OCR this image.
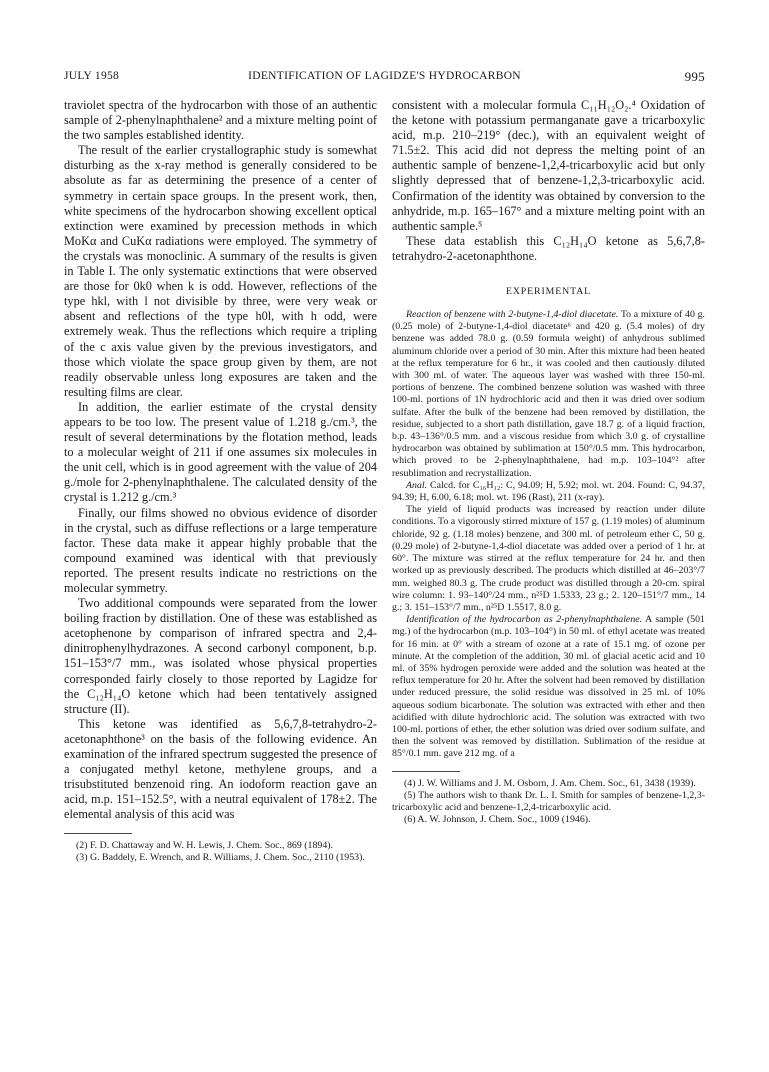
JULY 1958	IDENTIFICATION OF LAGIDZE'S HYDROCARBON	995

traviolet spectra of the hydrocarbon with those of an authentic sample of 2-phenylnaphthalene² and a mixture melting point of the two samples established identity.

The result of the earlier crystallographic study is somewhat disturbing as the x-ray method is generally considered to be absolute as far as determining the presence of a center of symmetry in certain space groups. In the present work, then, white specimens of the hydrocarbon showing excellent optical extinction were examined by precession methods in which MoKα and CuKα radiations were employed. The symmetry of the crystals was monoclinic. A summary of the results is given in Table I. The only systematic extinctions that were observed are those for 0k0 when k is odd. However, reflections of the type hkl, with l not divisible by three, were very weak or absent and reflections of the type h0l, with h odd, were extremely weak. Thus the reflections which require a tripling of the c axis value given by the previous investigators, and those which violate the space group given by them, are not readily observable unless long exposures are taken and the resulting films are clear.

In addition, the earlier estimate of the crystal density appears to be too low. The present value of 1.218 g./cm.³, the result of several determinations by the flotation method, leads to a molecular weight of 211 if one assumes six molecules in the unit cell, which is in good agreement with the value of 204 g./mole for 2-phenylnaphthalene. The calculated density of the crystal is 1.212 g./cm.³

Finally, our films showed no obvious evidence of disorder in the crystal, such as diffuse reflections or a large temperature factor. These data make it appear highly probable that the compound examined was identical with that previously reported. The present results indicate no restrictions on the molecular symmetry.

Two additional compounds were separated from the lower boiling fraction by distillation. One of these was established as acetophenone by comparison of infrared spectra and 2,4-dinitrophenylhydrazones. A second carbonyl component, b.p. 151–153°/7 mm., was isolated whose physical properties corresponded fairly closely to those reported by Lagidze for the C₁₂H₁₄O ketone which had been tentatively assigned structure (II).

This ketone was identified as 5,6,7,8-tetrahydro-2-acetonaphthone³ on the basis of the following evidence. An examination of the infrared spectrum suggested the presence of a conjugated methyl ketone, methylene groups, and a trisubstituted benzenoid ring. An iodoform reaction gave an acid, m.p. 151–152.5°, with a neutral equivalent of 178±2. The elemental analysis of this acid was

(2) F. D. Chattaway and W. H. Lewis, J. Chem. Soc., 869 (1894).

(3) G. Baddely, E. Wrench, and R. Williams, J. Chem. Soc., 2110 (1953).

consistent with a molecular formula C₁₁H₁₂O₂.⁴ Oxidation of the ketone with potassium permanganate gave a tricarboxylic acid, m.p. 210–219° (dec.), with an equivalent weight of 71.5±2. This acid did not depress the melting point of an authentic sample of benzene-1,2,4-tricarboxylic acid but only slightly depressed that of benzene-1,2,3-tricarboxylic acid. Confirmation of the identity was obtained by conversion to the anhydride, m.p. 165–167° and a mixture melting point with an authentic sample.⁵

These data establish this C₁₂H₁₄O ketone as 5,6,7,8-tetrahydro-2-acetonaphthone.

EXPERIMENTAL

Reaction of benzene with 2-butyne-1,4-diol diacetate. To a mixture of 40 g. (0.25 mole) of 2-butyne-1,4-diol diacetate⁶ and 420 g. (5.4 moles) of dry benzene was added 78.0 g. (0.59 formula weight) of anhydrous sublimed aluminum chloride over a period of 30 min. After this mixture had been heated at the reflux temperature for 6 hr., it was cooled and then cautiously diluted with 300 ml. of water. The aqueous layer was washed with three 150-ml. portions of benzene. The combined benzene solution was washed with three 100-ml. portions of 1N hydrochloric acid and then it was dried over sodium sulfate. After the bulk of the benzene had been removed by distillation, the residue, subjected to a short path distillation, gave 18.7 g. of a liquid fraction, b.p. 43–136°/0.5 mm. and a viscous residue from which 3.0 g. of crystalline hydrocarbon was obtained by sublimation at 150°/0.5 mm. This hydrocarbon, which proved to be 2-phenylnaphthalene, had m.p. 103–104°² after resublimation and recrystallization.

Anal. Calcd. for C₁₆H₁₂: C, 94.09; H, 5.92; mol. wt. 204. Found: C, 94.37, 94.39; H, 6.00, 6.18; mol. wt. 196 (Rast), 211 (x-ray).

The yield of liquid products was increased by reaction under dilute conditions. To a vigorously stirred mixture of 157 g. (1.19 moles) of aluminum chloride, 92 g. (1.18 moles) benzene, and 300 ml. of petroleum ether C, 50 g. (0.29 mole) of 2-butyne-1,4-diol diacetate was added over a period of 1 hr. at 60°. The mixture was stirred at the reflux temperature for 24 hr. and then worked up as previously described. The products which distilled at 46–203°/7 mm. weighed 80.3 g. The crude product was distilled through a 20-cm. spiral wire column: 1. 93–140°/24 mm., n²⁵D 1.5333, 23 g.; 2. 120–151°/7 mm., 14 g.; 3. 151–153°/7 mm., n²⁵D 1.5517, 8.0 g.

Identification of the hydrocarbon as 2-phenylnaphthalene. A sample (501 mg.) of the hydrocarbon (m.p. 103–104°) in 50 ml. of ethyl acetate was treated for 16 min. at 0° with a stream of ozone at a rate of 15.1 mg. of ozone per minute. At the completion of the addition, 30 ml. of glacial acetic acid and 10 ml. of 35% hydrogen peroxide were added and the solution was heated at the reflux temperature for 20 hr. After the solvent had been removed by distillation under reduced pressure, the solid residue was dissolved in 25 ml. of 10% aqueous sodium bicarbonate. The solution was extracted with ether and then acidified with dilute hydrochloric acid. The solution was extracted with two 100-ml. portions of ether, the ether solution was dried over sodium sulfate, and then the solvent was removed by distillation. Sublimation of the residue at 85°/0.1 mm. gave 212 mg. of a

(4) J. W. Williams and J. M. Osborn, J. Am. Chem. Soc., 61, 3438 (1939).

(5) The authors wish to thank Dr. L. I. Smith for samples of benzene-1,2,3-tricarboxylic acid and benzene-1,2,4-tricarboxylic acid.

(6) A. W. Johnson, J. Chem. Soc., 1009 (1946).
